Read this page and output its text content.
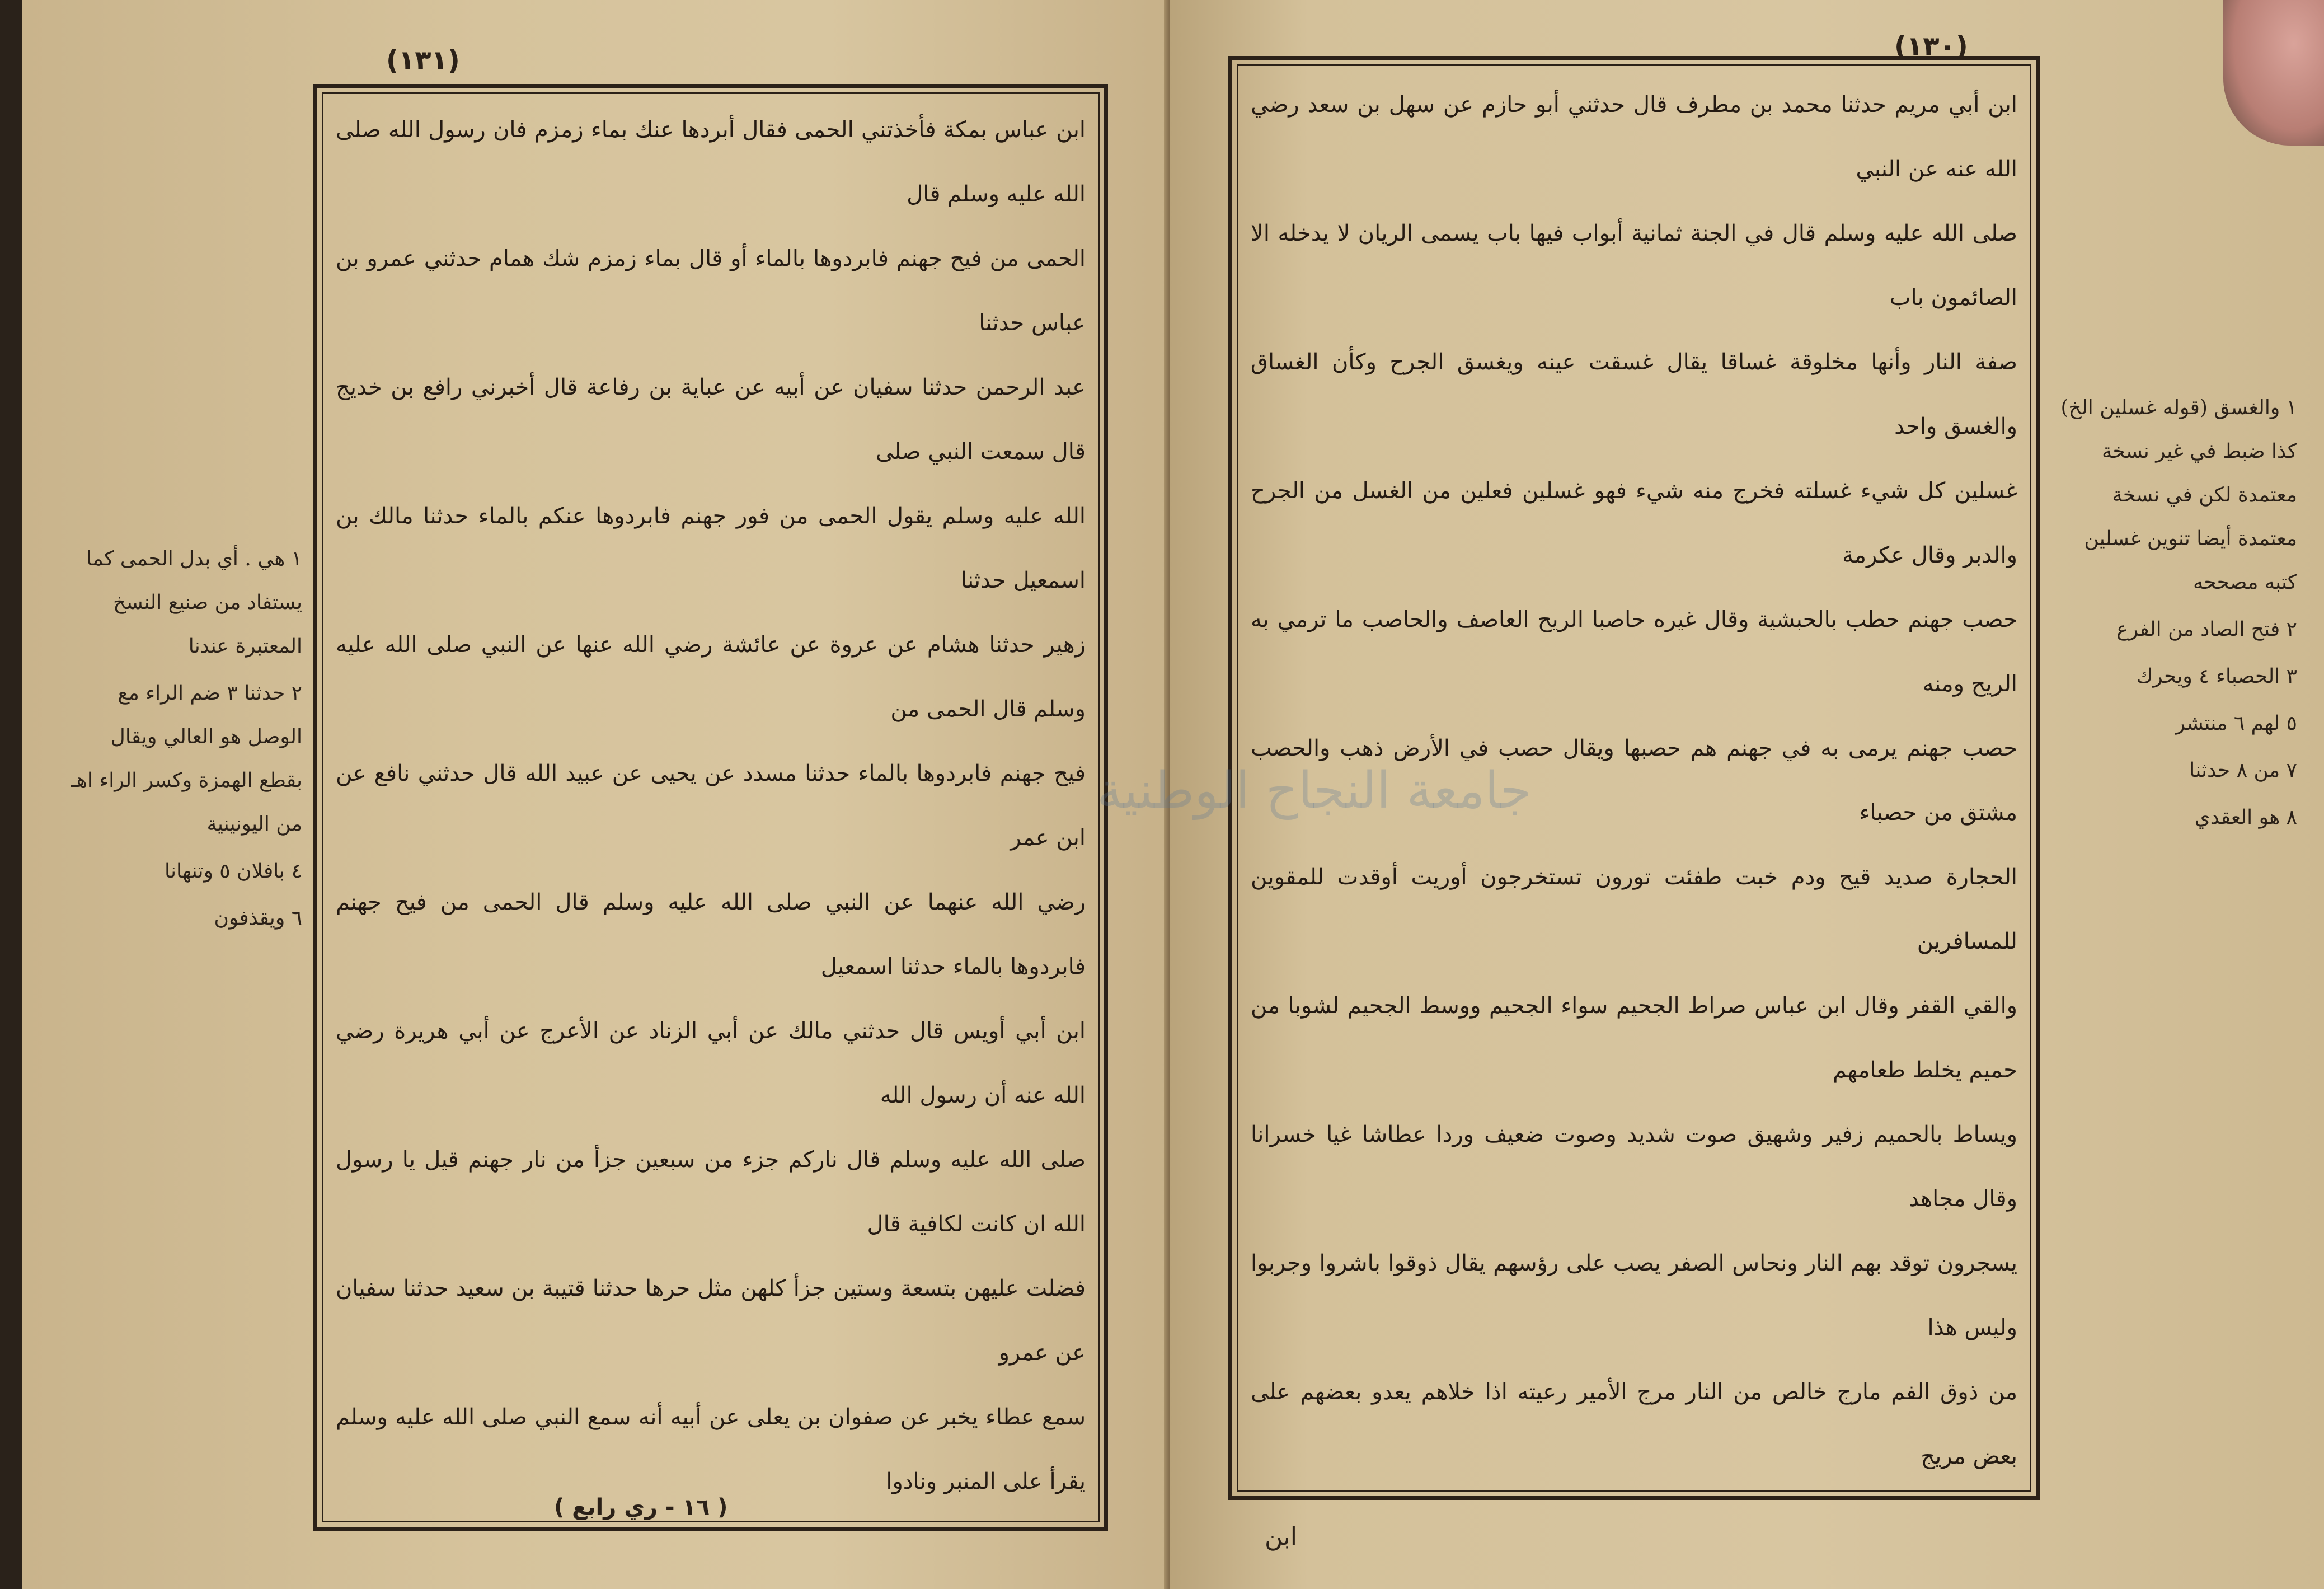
(١٣١)

ابن عباس بمكة فأخذتني الحمى فقال أبردها عنك بماء زمزم فان رسول الله صلى الله عليه وسلم قال

الحمى من فيح جهنم فابردوها بالماء أو قال بماء زمزم شك همام حدثني عمرو بن عباس حدثنا

عبد الرحمن حدثنا سفيان عن أبيه عن عباية بن رفاعة قال أخبرني رافع بن خديج قال سمعت النبي صلى

الله عليه وسلم يقول الحمى من فور جهنم فابردوها عنكم بالماء حدثنا مالك بن اسمعيل حدثنا

زهير حدثنا هشام عن عروة عن عائشة رضي الله عنها عن النبي صلى الله عليه وسلم قال الحمى من

فيح جهنم فابردوها بالماء حدثنا مسدد عن يحيى عن عبيد الله قال حدثني نافع عن ابن عمر

رضي الله عنهما عن النبي صلى الله عليه وسلم قال الحمى من فيح جهنم فابردوها بالماء حدثنا اسمعيل

ابن أبي أويس قال حدثني مالك عن أبي الزناد عن الأعرج عن أبي هريرة رضي الله عنه أن رسول الله

صلى الله عليه وسلم قال ناركم جزء من سبعين جزأ من نار جهنم قيل يا رسول الله ان كانت لكافية قال

فضلت عليهن بتسعة وستين جزأ كلهن مثل حرها حدثنا قتيبة بن سعيد حدثنا سفيان عن عمرو

سمع عطاء يخبر عن صفوان بن يعلى عن أبيه أنه سمع النبي صلى الله عليه وسلم يقرأ على المنبر ونادوا

( ١٦ - ري رابع )
١ هي . أي بدل الحمى كما يستفاد من صنيع النسخ المعتبرة عندنا
٢ حدثنا ٣ ضم الراء مع الوصل هو العالي ويقال بقطع الهمزة وكسر الراء اهـ من اليونينية
٤ بافلان ٥ وتنهانا
٦ ويقذفون
(١٣٠)

ابن أبي مريم حدثنا محمد بن مطرف قال حدثني أبو حازم عن سهل بن سعد رضي الله عنه عن النبي

صلى الله عليه وسلم قال في الجنة ثمانية أبواب فيها باب يسمى الريان لا يدخله الا الصائمون باب

صفة النار وأنها مخلوقة غساقا يقال غسقت عينه ويغسق الجرح وكأن الغساق والغسق واحد

غسلين كل شيء غسلته فخرج منه شيء فهو غسلين فعلين من الغسل من الجرح والدبر وقال عكرمة

حصب جهنم حطب بالحبشية وقال غيره حاصبا الريح العاصف والحاصب ما ترمي به الريح ومنه

حصب جهنم يرمى به في جهنم هم حصبها ويقال حصب في الأرض ذهب والحصب مشتق من حصباء

الحجارة صديد قيح ودم خبت طفئت تورون تستخرجون أوريت أوقدت للمقوين للمسافرين

والقي القفر وقال ابن عباس صراط الجحيم سواء الجحيم ووسط الجحيم لشوبا من حميم يخلط طعامهم

ويساط بالحميم زفير وشهيق صوت شديد وصوت ضعيف وردا عطاشا غيا خسرانا وقال مجاهد

يسجرون توقد بهم النار ونحاس الصفر يصب على رؤسهم يقال ذوقوا باشروا وجربوا وليس هذا

من ذوق الفم مارج خالص من النار مرج الأمير رعيته اذا خلاهم يعدو بعضهم على بعض مريج

ابن
١ والغسق (قوله غسلين الخ) كذا ضبط في غير نسخة معتمدة لكن في نسخة معتمدة أيضا تنوين غسلين كتبه مصححه
٢ فتح الصاد من الفرع
٣ الحصباء ٤ ويحرك
٥ لهم ٦ منتشر
٧ من ٨ حدثنا
٨ هو العقدي
جامعة النجاح الوطنية
